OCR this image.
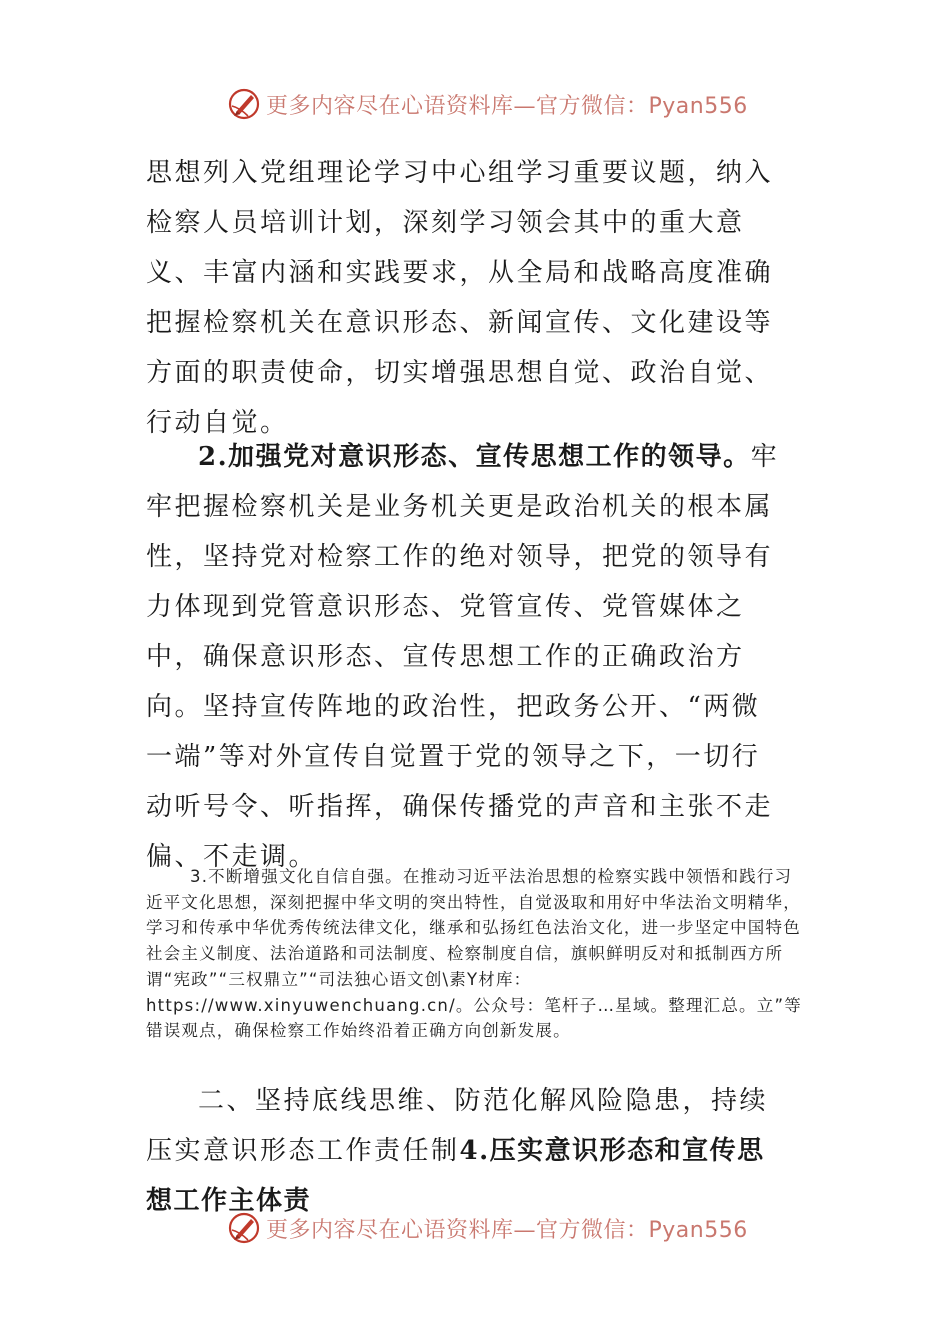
更多内容尽在心语资料库—官方微信：Pyan556

思想列入党组理论学习中心组学习重要议题，纳入检察人员培训计划，深刻学习领会其中的重大意义、丰富内涵和实践要求，从全局和战略高度准确把握检察机关在意识形态、新闻宣传、文化建设等方面的职责使命，切实增强思想自觉、政治自觉、行动自觉。

2.加强党对意识形态、宣传思想工作的领导。牢牢把握检察机关是业务机关更是政治机关的根本属性，坚持党对检察工作的绝对领导，把党的领导有力体现到党管意识形态、党管宣传、党管媒体之中，确保意识形态、宣传思想工作的正确政治方向。坚持宣传阵地的政治性，把政务公开、“两微一端”等对外宣传自觉置于党的领导之下，一切行动听号令、听指挥，确保传播党的声音和主张不走偏、不走调。

3.不断增强文化自信自强。在推动习近平法治思想的检察实践中领悟和践行习近平文化思想，深刻把握中华文明的突出特性，自觉汲取和用好中华法治文明精华，学习和传承中华优秀传统法律文化，继承和弘扬红色法治文化，进一步坚定中国特色社会主义制度、法治道路和司法制度、检察制度自信，旗帜鲜明反对和抵制西方所谓“宪政”“三权鼎立”“司法独心语文创\素Y材库：https://www.xinyuwenchuang.cn/。公众号：笔杆子…星域。整理汇总。立”等错误观点，确保检察工作始终沿着正确方向创新发展。

二、坚持底线思维、防范化解风险隐患，持续压实意识形态工作责任制4.压实意识形态和宣传思想工作主体责

更多内容尽在心语资料库—官方微信：Pyan556
